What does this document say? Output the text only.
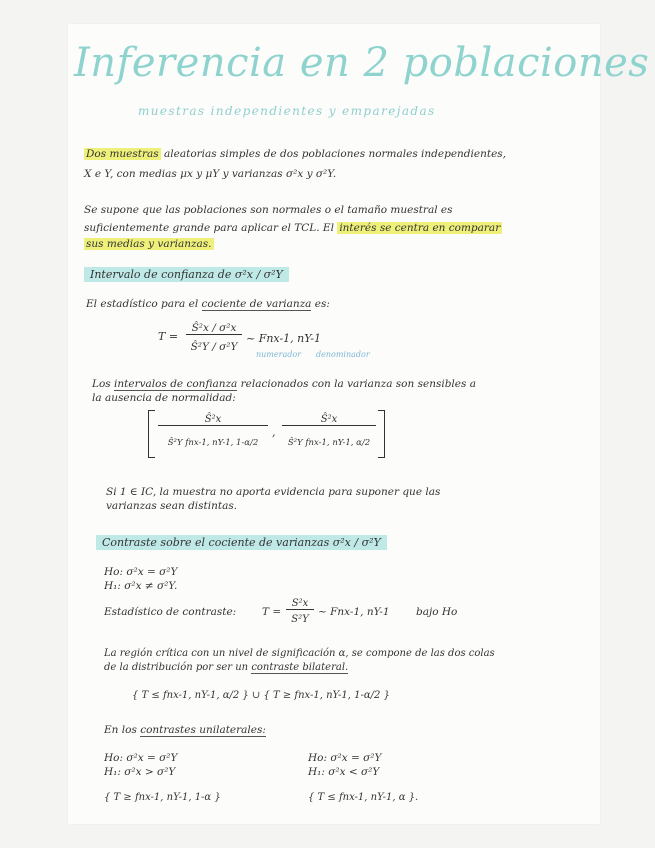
Inferencia en 2 poblaciones
muestras independientes y emparejadas
Dos muestras aleatorias simples de dos poblaciones normales independientes,
X e Y, con medias μx y μY y varianzas σ²x y σ²Y.
Se supone que las poblaciones son normales o el tamaño muestral es
suficientemente grande para aplicar el TCL. El interés se centra en comparar
sus medias y varianzas.
Intervalo de confianza de σ²x / σ²Y
El estadístico para el cociente de varianza es:
T =
Ŝ²x / σ²x
Ŝ²Y / σ²Y
~ Fnx-1, nY-1
numerador denominador
Los intervalos de confianza relacionados con la varianza son sensibles a
la ausencia de normalidad:
Ŝ²x
Ŝ²Y fnx-1, nY-1, 1-α/2
,
Ŝ²x
Ŝ²Y fnx-1, nY-1, α/2
Si 1 ∈ IC, la muestra no aporta evidencia para suponer que las
varianzas sean distintas.
Contraste sobre el cociente de varianzas σ²x / σ²Y
Ho: σ²x = σ²Y
H₁: σ²x ≠ σ²Y.
Estadístico de contraste: T =
S²x
S²Y
~ Fnx-1, nY-1	bajo Ho
La región crítica con un nivel de significación α, se compone de las dos colas
de la distribución por ser un contraste bilateral.
{ T ≤ fnx-1, nY-1, α/2 } ∪ { T ≥ fnx-1, nY-1, 1-α/2 }
En los contrastes unilaterales:
Ho: σ²x = σ²Y
H₁: σ²x > σ²Y
{ T ≥ fnx-1, nY-1, 1-α }
Ho: σ²x = σ²Y
H₁: σ²x < σ²Y
{ T ≤ fnx-1, nY-1, α }.
